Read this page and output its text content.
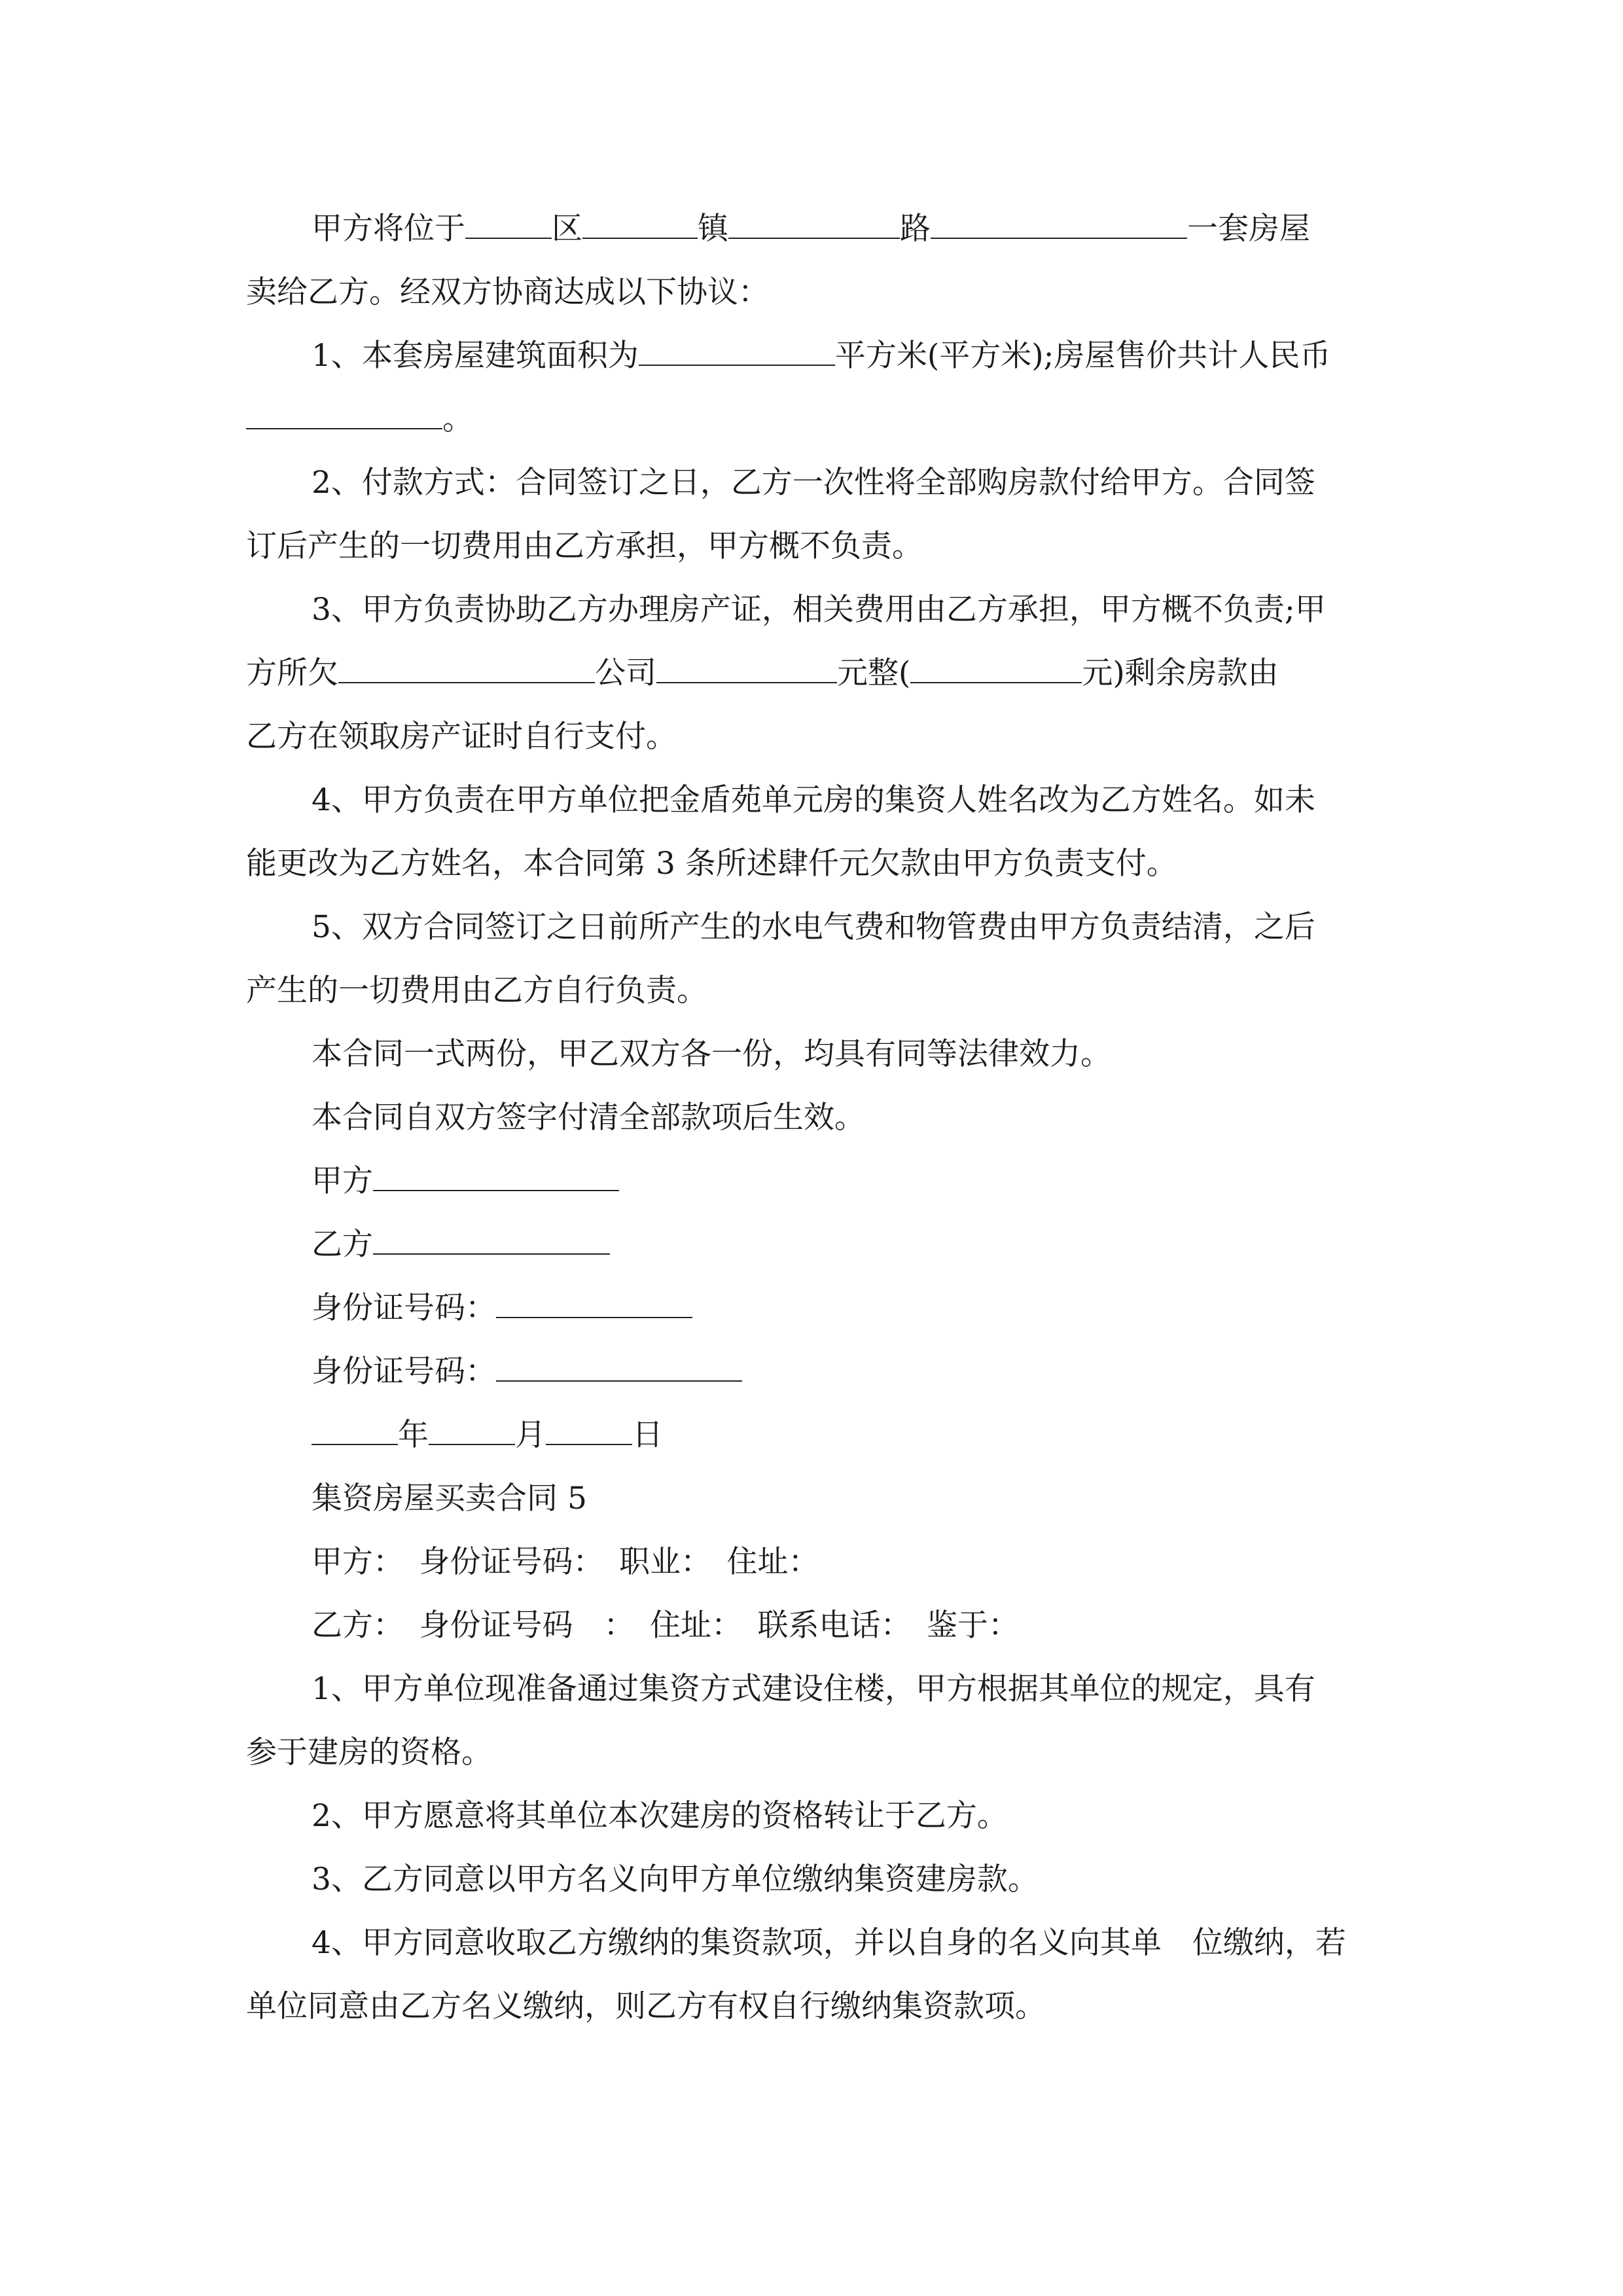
甲方将位于	区	镇	路	一套房屋
卖给乙方。经双方协商达成以下协议：
1、本套房屋建筑面积为	平方米(平方米);房屋售价共计人民币
。
2、付款方式：合同签订之日，乙方一次性将全部购房款付给甲方。合同签
订后产生的一切费用由乙方承担，甲方概不负责。
3、甲方负责协助乙方办理房产证，相关费用由乙方承担，甲方概不负责;甲
方所欠	公司	元整(	元)剩余房款由
乙方在领取房产证时自行支付。
4、甲方负责在甲方单位把金盾苑单元房的集资人姓名改为乙方姓名。如未
能更改为乙方姓名，本合同第 3 条所述肆仟元欠款由甲方负责支付。
5、双方合同签订之日前所产生的水电气费和物管费由甲方负责结清，之后
产生的一切费用由乙方自行负责。
本合同一式两份，甲乙双方各一份，均具有同等法律效力。
本合同自双方签字付清全部款项后生效。
甲方
乙方
身份证号码：
身份证号码：
年	月	日
集资房屋买卖合同 5
甲方：　身份证号码：　职业：　住址：
乙方：　身份证号码　：　住址：　联系电话：　鉴于：
1、甲方单位现准备通过集资方式建设住楼，甲方根据其单位的规定，具有
参于建房的资格。
2、甲方愿意将其单位本次建房的资格转让于乙方。
3、乙方同意以甲方名义向甲方单位缴纳集资建房款。
4、甲方同意收取乙方缴纳的集资款项，并以自身的名义向其单　位缴纳，若
单位同意由乙方名义缴纳，则乙方有权自行缴纳集资款项。
